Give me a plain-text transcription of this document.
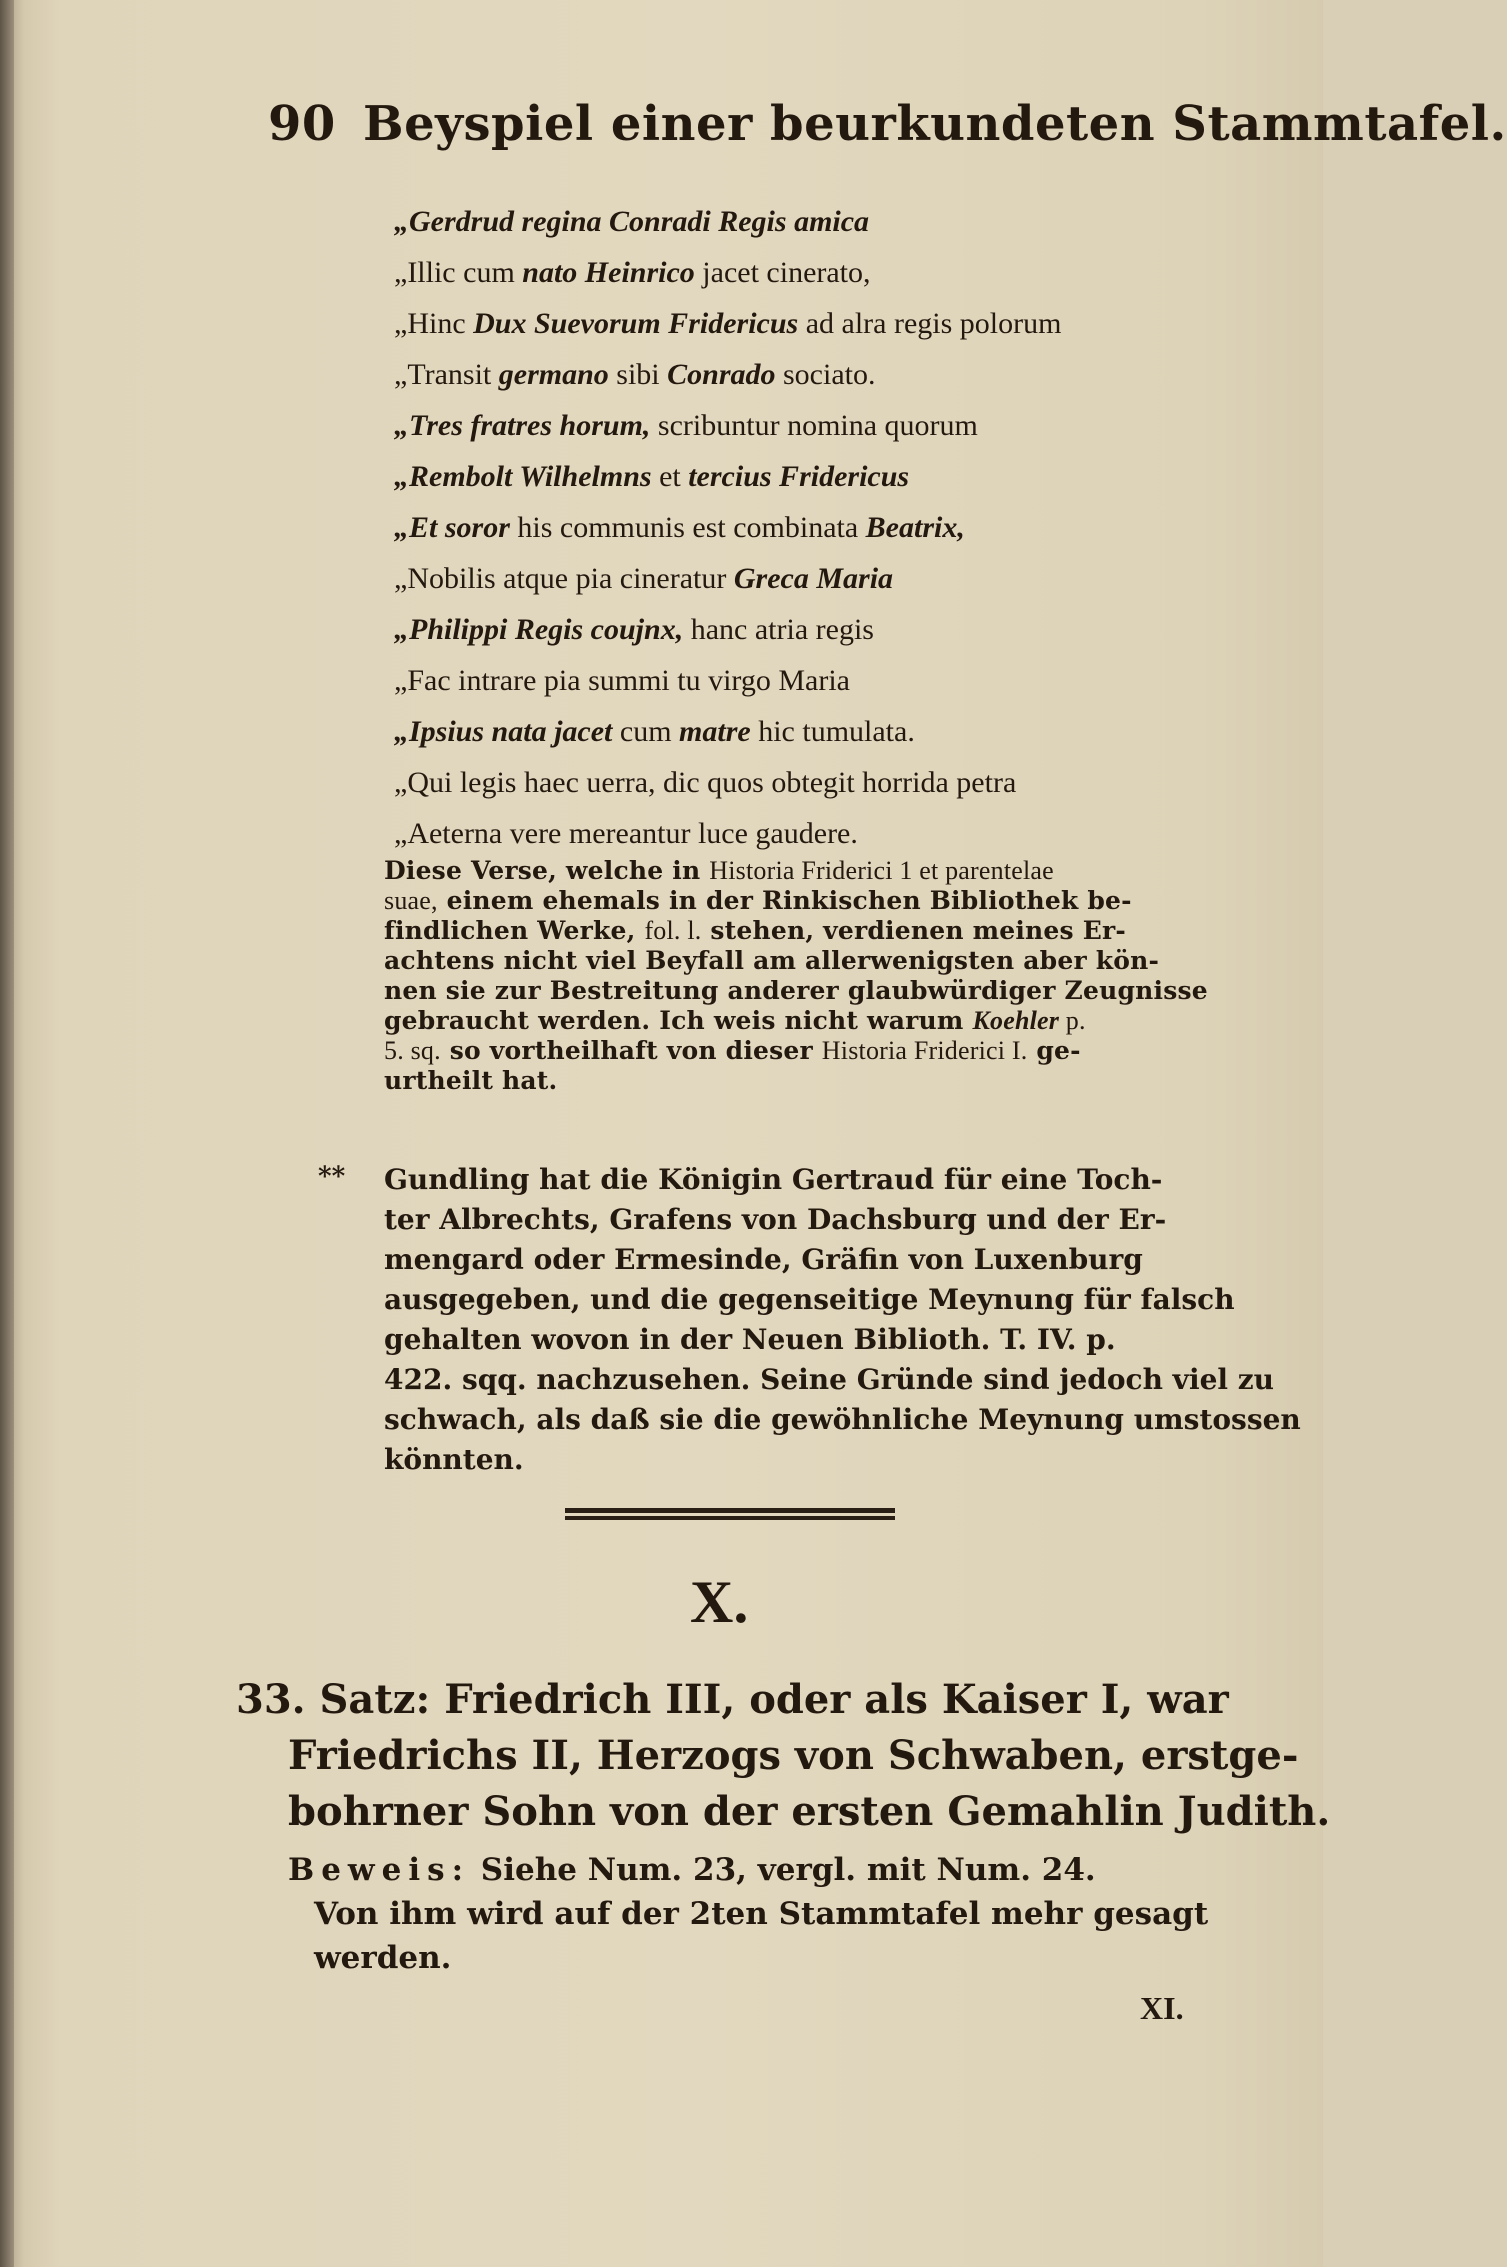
90 Beyspiel einer beurkundeten Stammtafel.
„Gerdrud regina Conradi Regis amica
„Illic cum nato Heinrico jacet cinerato,
„Hinc Dux Suevorum Fridericus ad alra regis polorum
„Transit germano sibi Conrado sociato.
„Tres fratres horum, scribuntur nomina quorum
„Rembolt Wilhelmns et tercius Fridericus
„Et soror his communis est combinata Beatrix,
„Nobilis atque pia cineratur Greca Maria
„Philippi Regis coujnx, hanc atria regis
„Fac intrare pia summi tu virgo Maria
„Ipsius nata jacet cum matre hic tumulata.
„Qui legis haec uerra, dic quos obtegit horrida petra
„Aeterna vere mereantur luce gaudere.
Diese Verse, welche in Historia Friderici 1 et parentelae
suae, einem ehemals in der Rinkischen Bibliothek be-
findlichen Werke, fol. l. stehen, verdienen meines Er-
achtens nicht viel Beyfall am allerwenigsten aber kön-
nen sie zur Bestreitung anderer glaubwürdiger Zeugnisse
gebraucht werden. Ich weis nicht warum Koehler p.
5. sq. so vortheilhaft von dieser Historia Friderici I. ge-
urtheilt hat.
** Gundling hat die Königin Gertraud für eine Toch-
ter Albrechts, Grafens von Dachsburg und der Er-
mengard oder Ermesinde, Gräfin von Luxenburg
ausgegeben, und die gegenseitige Meynung für falsch
gehalten wovon in der Neuen Biblioth. T. IV. p.
422. sqq. nachzusehen. Seine Gründe sind jedoch viel zu
schwach, als daß sie die gewöhnliche Meynung umstossen
könnten.
X.
33. Satz: Friedrich III, oder als Kaiser I, war
Friedrichs II, Herzogs von Schwaben, erstge-
bohrner Sohn von der ersten Gemahlin Judith.
Beweis: Siehe Num. 23, vergl. mit Num. 24.
Von ihm wird auf der 2ten Stammtafel mehr gesagt
werden.
XI.
